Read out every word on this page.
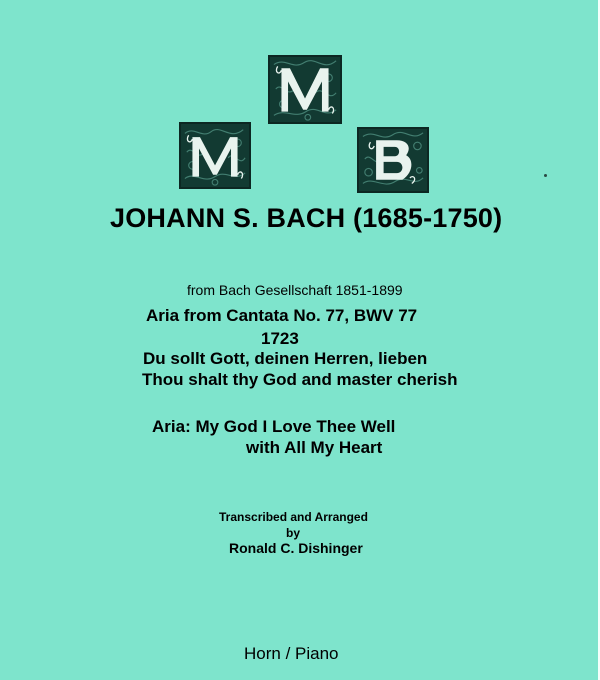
JOHANN S. BACH (1685-1750)
from Bach Gesellschaft 1851-1899
Aria from Cantata No. 77, BWV 77
1723
Du sollt Gott, deinen Herren, lieben
Thou shalt thy God and master cherish
Aria: My God I Love Thee Well
with All My Heart
Transcribed and Arranged
by
Ronald C. Dishinger
Horn / Piano
